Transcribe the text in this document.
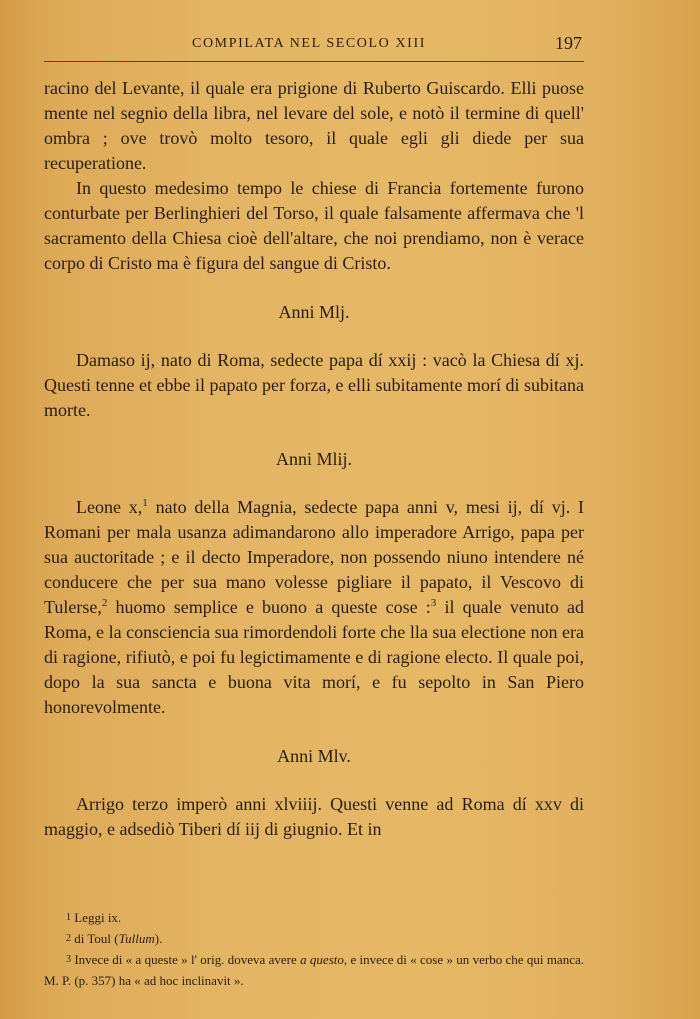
COMPILATA NEL SECOLO XIII	197

racino del Levante, il quale era prigione di Ruberto Guiscardo. Elli puose mente nel segnio della libra, nel levare del sole, e notò il termine di quell' ombra ; ove trovò molto tesoro, il quale egli gli diede per sua recuperatione.

In questo medesimo tempo le chiese di Francia fortemente furono conturbate per Berlinghieri del Torso, il quale falsamente affermava che 'l sacramento della Chiesa cioè dell'altare, che noi prendiamo, non è verace corpo di Cristo ma è figura del sangue di Cristo.

Anni Mlj.

Damaso ij, nato di Roma, sedecte papa dí xxij : vacò la Chiesa dí xj. Questi tenne et ebbe il papato per forza, e elli subitamente morí di subitana morte.

Anni Mlij.

Leone x,$^1$ nato della Magnia, sedecte papa anni v, mesi ij, dí vj. I Romani per mala usanza adimandarono allo imperadore Arrigo, papa per sua auctoritade ; e il decto Imperadore, non possendo niuno intendere né conducere che per sua mano volesse pigliare il papato, il Vescovo di Tulerse,$^2$ huomo semplice e buono a queste cose :$^3$ il quale venuto ad Roma, e la consciencia sua rimordendoli forte che lla sua electione non era di ragione, rifiutò, e poi fu legictimamente e di ragione electo. Il quale poi, dopo la sua sancta e buona vita morí, e fu sepolto in San Piero honorevolmente.

Anni Mlv.

Arrigo terzo imperò anni xlviiij. Questi venne ad Roma dí xxv di maggio, e adsediò Tiberi dí iij di giugnio. Et in

1 Leggi ix.

2 di Toul (Tullum).

3 Invece di « a queste » l' orig. doveva avere a questo, e invece di « cose » un verbo che qui manca. M. P. (p. 357) ha « ad hoc inclinavit ».
